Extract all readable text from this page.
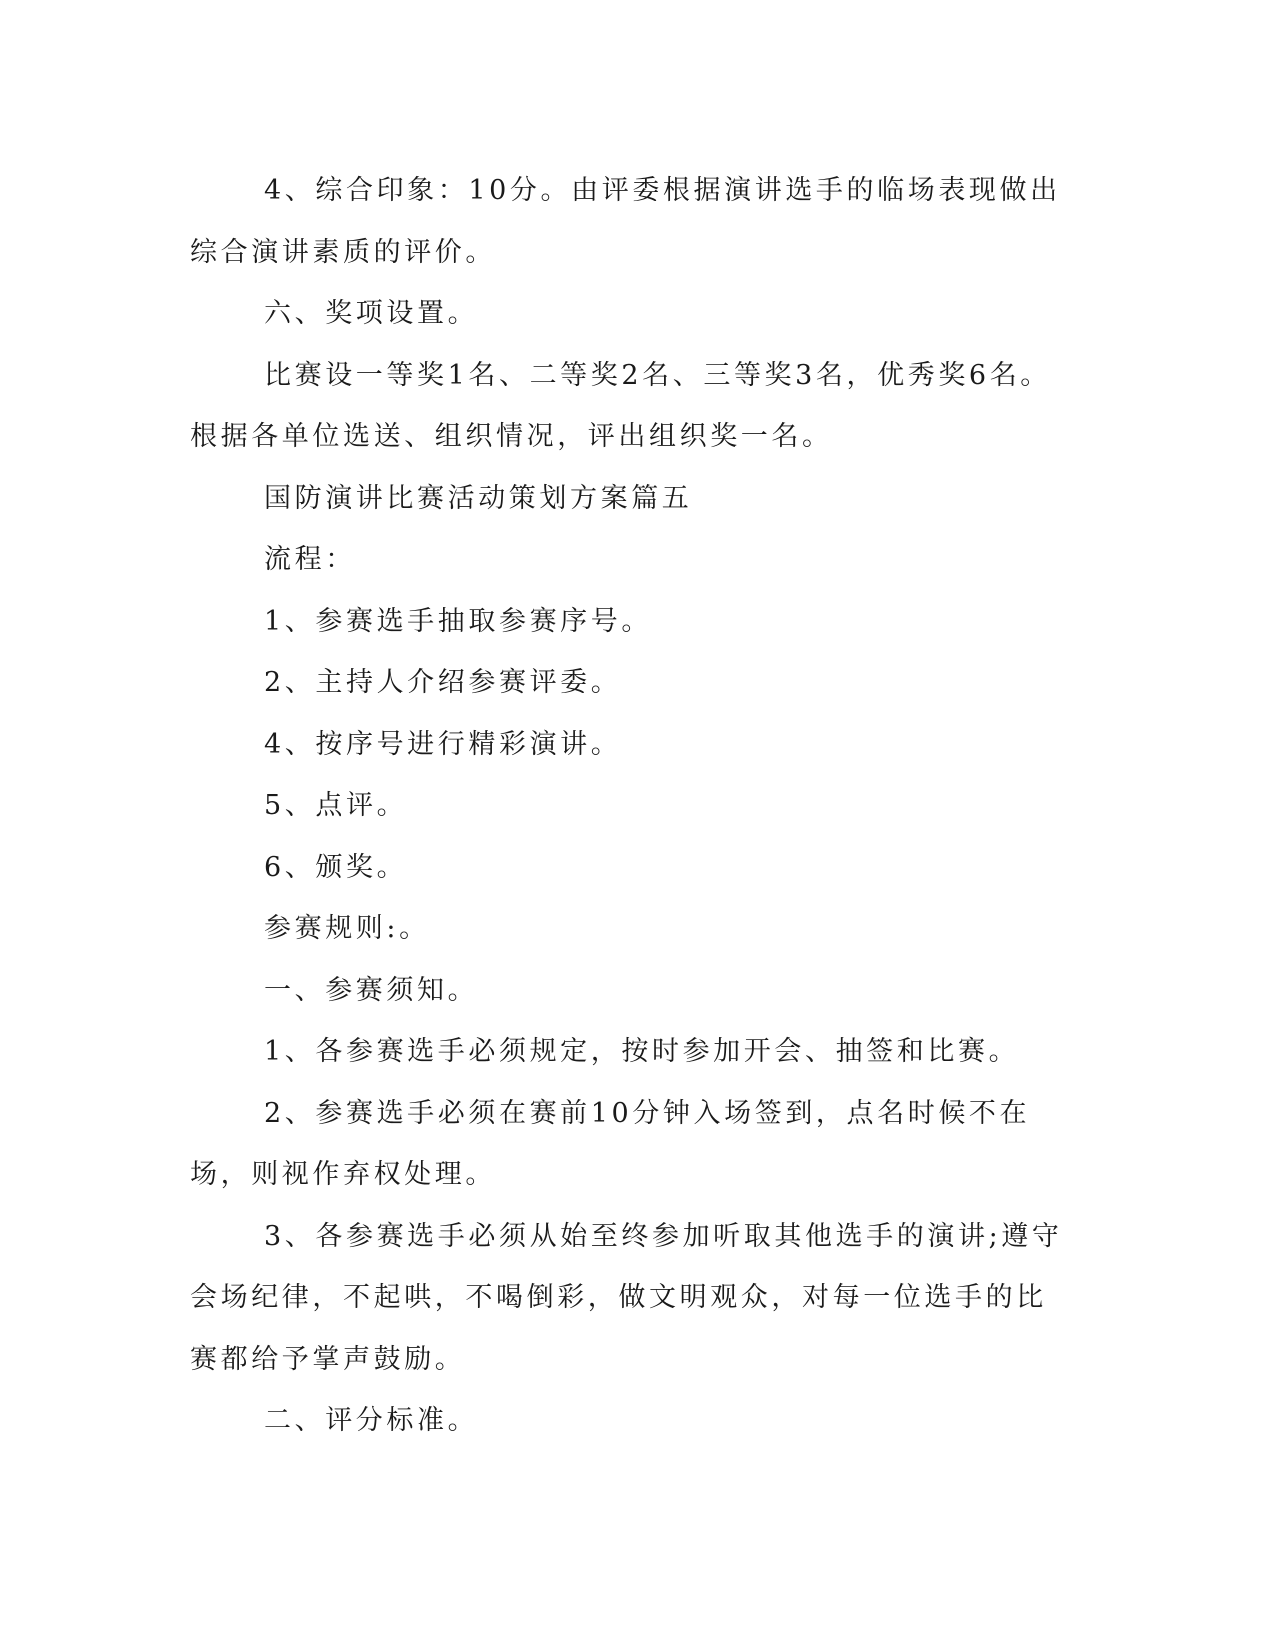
4、综合印象：10分。由评委根据演讲选手的临场表现做出综合演讲素质的评价。

六、奖项设置。

比赛设一等奖1名、二等奖2名、三等奖3名，优秀奖6名。根据各单位选送、组织情况，评出组织奖一名。

国防演讲比赛活动策划方案篇五

流程：

1、参赛选手抽取参赛序号。

2、主持人介绍参赛评委。

4、按序号进行精彩演讲。

5、点评。

6、颁奖。

参赛规则:。

一、参赛须知。

1、各参赛选手必须规定，按时参加开会、抽签和比赛。

2、参赛选手必须在赛前10分钟入场签到，点名时候不在场，则视作弃权处理。

3、各参赛选手必须从始至终参加听取其他选手的演讲;遵守会场纪律，不起哄，不喝倒彩，做文明观众，对每一位选手的比赛都给予掌声鼓励。

二、评分标准。
